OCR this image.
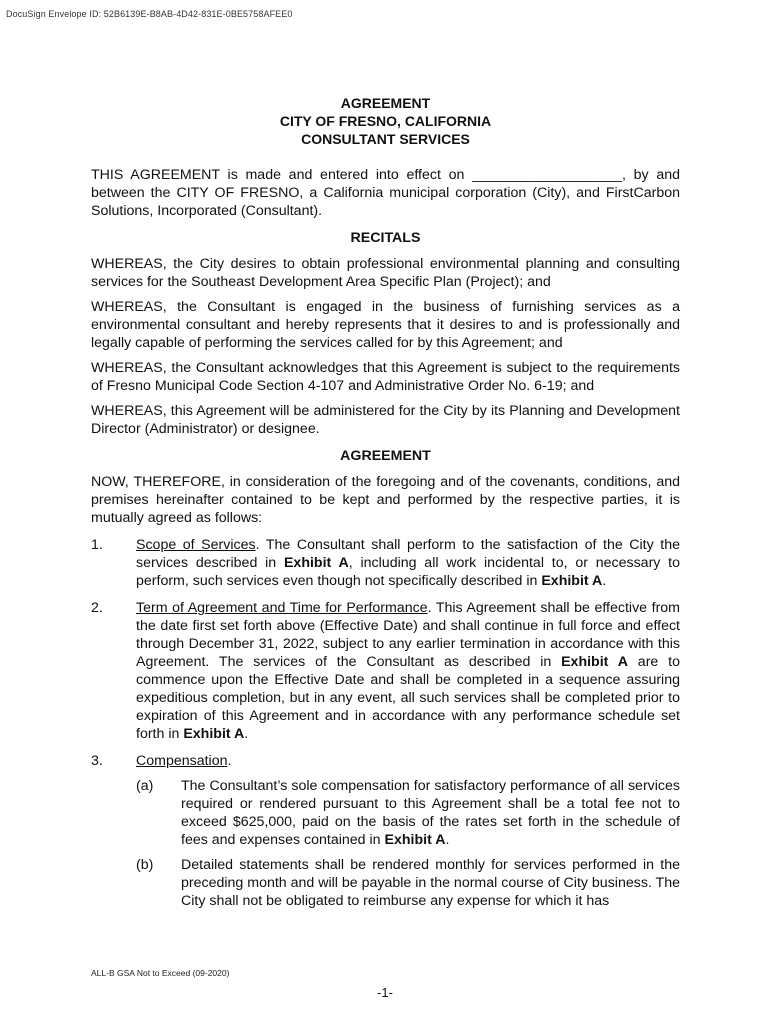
DocuSign Envelope ID: 52B6139E-B8AB-4D42-831E-0BE5758AFEE0
AGREEMENT
CITY OF FRESNO, CALIFORNIA
CONSULTANT SERVICES

THIS AGREEMENT is made and entered into effect on ___________________, by and between the CITY OF FRESNO, a California municipal corporation (City), and FirstCarbon Solutions, Incorporated (Consultant).

RECITALS

WHEREAS, the City desires to obtain professional environmental planning and consulting services for the Southeast Development Area Specific Plan (Project); and

WHEREAS, the Consultant is engaged in the business of furnishing services as a environmental consultant and hereby represents that it desires to and is professionally and legally capable of performing the services called for by this Agreement; and

WHEREAS, the Consultant acknowledges that this Agreement is subject to the requirements of Fresno Municipal Code Section 4-107 and Administrative Order No. 6-19; and

WHEREAS, this Agreement will be administered for the City by its Planning and Development Director (Administrator) or designee.

AGREEMENT

NOW, THEREFORE, in consideration of the foregoing and of the covenants, conditions, and premises hereinafter contained to be kept and performed by the respective parties, it is mutually agreed as follows:

1.	Scope of Services. The Consultant shall perform to the satisfaction of the City the services described in Exhibit A, including all work incidental to, or necessary to perform, such services even though not specifically described in Exhibit A.
2.	Term of Agreement and Time for Performance. This Agreement shall be effective from the date first set forth above (Effective Date) and shall continue in full force and effect through December 31, 2022, subject to any earlier termination in accordance with this Agreement. The services of the Consultant as described in Exhibit A are to commence upon the Effective Date and shall be completed in a sequence assuring expeditious completion, but in any event, all such services shall be completed prior to expiration of this Agreement and in accordance with any performance schedule set forth in Exhibit A.
3.	Compensation.
(a)	The Consultant’s sole compensation for satisfactory performance of all services required or rendered pursuant to this Agreement shall be a total fee not to exceed $625,000, paid on the basis of the rates set forth in the schedule of fees and expenses contained in Exhibit A.
(b)	Detailed statements shall be rendered monthly for services performed in the preceding month and will be payable in the normal course of City business. The City shall not be obligated to reimburse any expense for which it has
ALL-B GSA Not to Exceed (09-2020)
-1-
